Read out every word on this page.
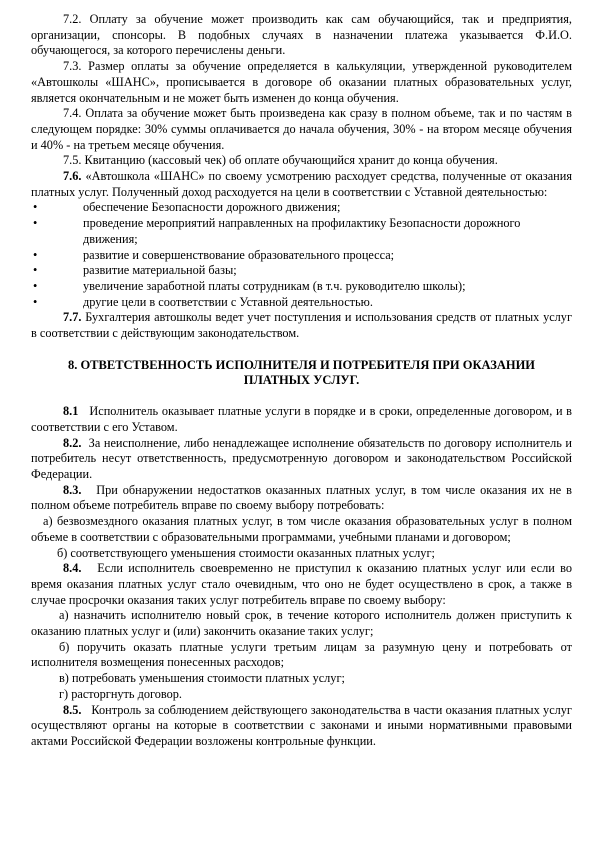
7.2. Оплату за обучение может производить как сам обучающийся, так и предприятия, организации, спонсоры. В подобных случаях в назначении платежа указывается Ф.И.О. обучающегося, за которого перечислены деньги.

7.3. Размер оплаты за обучение определяется в калькуляции, утвержденной руководителем «Автошколы «ШАНС», прописывается в договоре об оказании платных образовательных услуг, является окончательным и не может быть изменен до конца обучения.

7.4. Оплата за обучение может быть произведена как сразу в полном объеме, так и по частям в следующем порядке: 30% суммы оплачивается до начала обучения, 30% - на втором месяце обучения и 40% - на третьем месяце обучения.

7.5. Квитанцию (кассовый чек) об оплате обучающийся хранит до конца обучения.

7.6. «Автошкола «ШАНС» по своему усмотрению расходует средства, полученные от оказания платных услуг. Полученный доход расходуется на цели в соответствии с Уставной деятельностью:

•	обеспечение Безопасности дорожного движения;

•	проведение мероприятий направленных на профилактику Безопасности дорожного движения;

•	развитие и совершенствование образовательного процесса;

•	развитие материальной базы;

•	увеличение заработной платы сотрудникам (в т.ч. руководителю школы);

•	другие цели в соответствии с Уставной деятельностью.

7.7. Бухгалтерия автошколы ведет учет поступления и использования средств от платных услуг в соответствии с действующим законодательством.

8. ОТВЕТСТВЕННОСТЬ ИСПОЛНИТЕЛЯ И ПОТРЕБИТЕЛЯ ПРИ ОКАЗАНИИ ПЛАТНЫХ УСЛУГ.

8.1 Исполнитель оказывает платные услуги в порядке и в сроки, определенные договором, и в соответствии с его Уставом.

8.2. За неисполнение, либо ненадлежащее исполнение обязательств по договору исполнитель и потребитель несут ответственность, предусмотренную договором и законодательством Российской Федерации.

8.3. При обнаружении недостатков оказанных платных услуг, в том числе оказания их не в полном объеме потребитель вправе по своему выбору потребовать:

а) безвозмездного оказания платных услуг, в том числе оказания образовательных услуг в полном объеме в соответствии с образовательными программами, учебными планами и договором;

б) соответствующего уменьшения стоимости оказанных платных услуг;

8.4. Если исполнитель своевременно не приступил к оказанию платных услуг или если во время оказания платных услуг стало очевидным, что оно не будет осуществлено в срок, а также в случае просрочки оказания таких услуг потребитель вправе по своему выбору:

а) назначить исполнителю новый срок, в течение которого исполнитель должен приступить к оказанию платных услуг и (или) закончить оказание таких услуг;

б) поручить оказать платные услуги третьим лицам за разумную цену и потребовать от исполнителя возмещения понесенных расходов;

в) потребовать уменьшения стоимости платных услуг;

г) расторгнуть договор.

8.5. Контроль за соблюдением действующего законодательства в части оказания платных услуг осуществляют органы на которые в соответствии с законами и иными нормативными правовыми актами Российской Федерации возложены контрольные функции.
